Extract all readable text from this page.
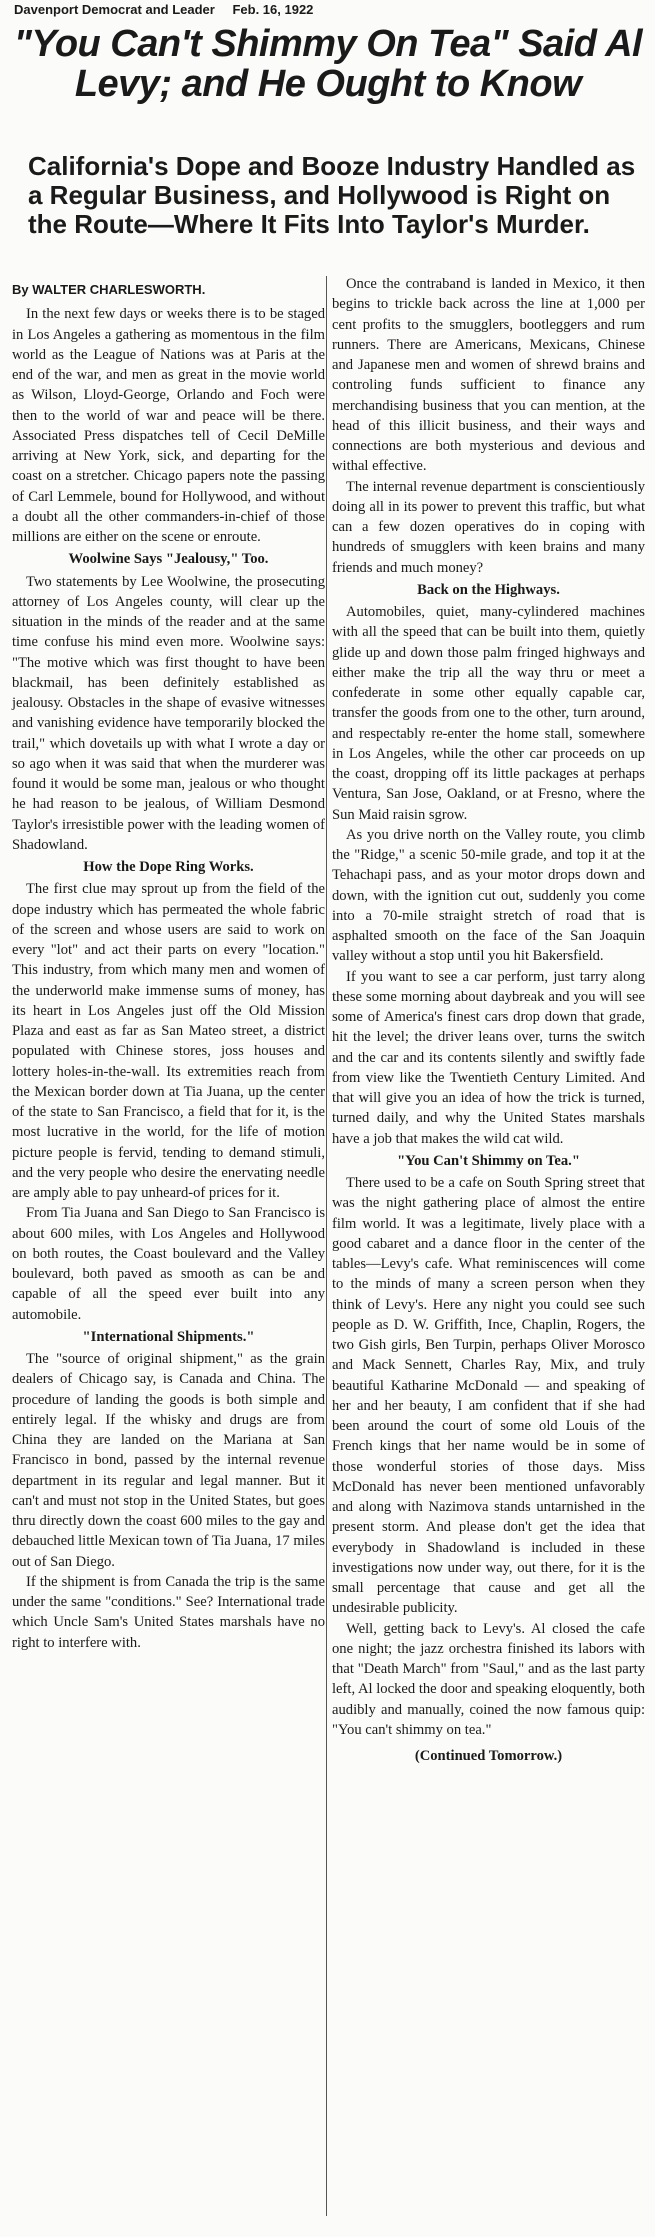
Davenport Democrat and Leader Feb. 16, 1922
"You Can't Shimmy On Tea" Said Al Levy; and He Ought to Know
California's Dope and Booze Industry Handled as a Regular Business, and Hollywood is Right on the Route—Where It Fits Into Taylor's Murder.
By WALTER CHARLESWORTH.

In the next few days or weeks there is to be staged in Los Angeles a gathering as momentous in the film world as the League of Nations was at Paris at the end of the war, and men as great in the movie world as Wilson, Lloyd-George, Orlando and Foch were then to the world of war and peace will be there. Associated Press dispatches tell of Cecil DeMille arriving at New York, sick, and departing for the coast on a stretcher. Chicago papers note the passing of Carl Lemmele, bound for Hollywood, and without a doubt all the other commanders-in-chief of those millions are either on the scene or enroute.

Woolwine Says "Jealousy," Too.

Two statements by Lee Woolwine, the prosecuting attorney of Los Angeles county, will clear up the situation in the minds of the reader and at the same time confuse his mind even more. Woolwine says: "The motive which was first thought to have been blackmail, has been definitely established as jealousy. Obstacles in the shape of evasive witnesses and vanishing evidence have temporarily blocked the trail," which dovetails up with what I wrote a day or so ago when it was said that when the murderer was found it would be some man, jealous or who thought he had reason to be jealous, of William Desmond Taylor's irresistible power with the leading women of Shadowland.

How the Dope Ring Works.

The first clue may sprout up from the field of the dope industry which has permeated the whole fabric of the screen and whose users are said to work on every "lot" and act their parts on every "location." This industry, from which many men and women of the underworld make immense sums of money, has its heart in Los Angeles just off the Old Mission Plaza and east as far as San Mateo street, a district populated with Chinese stores, joss houses and lottery holes-in-the-wall. Its extremities reach from the Mexican border down at Tia Juana, up the center of the state to San Francisco, a field that for it, is the most lucrative in the world, for the life of motion picture people is fervid, tending to demand stimuli, and the very people who desire the enervating needle are amply able to pay unheard-of prices for it.

From Tia Juana and San Diego to San Francisco is about 600 miles, with Los Angeles and Hollywood on both routes, the Coast boulevard and the Valley boulevard, both paved as smooth as can be and capable of all the speed ever built into any automobile.

"International Shipments."

The "source of original shipment," as the grain dealers of Chicago say, is Canada and China. The procedure of landing the goods is both simple and entirely legal. If the whisky and drugs are from China they are landed on the Mariana at San Francisco in bond, passed by the internal revenue department in its regular and legal manner. But it can't and must not stop in the United States, but goes thru directly down the coast 600 miles to the gay and debauched little Mexican town of Tia Juana, 17 miles out of San Diego.

If the shipment is from Canada the trip is the same under the same "conditions." See? International trade which Uncle Sam's United States marshals have no right to interfere with.

Once the contraband is landed in Mexico, it then begins to trickle back across the line at 1,000 per cent profits to the smugglers, bootleggers and rum runners. There are Americans, Mexicans, Chinese and Japanese men and women of shrewd brains and controling funds sufficient to finance any merchandising business that you can mention, at the head of this illicit business, and their ways and connections are both mysterious and devious and withal effective.

The internal revenue department is conscientiously doing all in its power to prevent this traffic, but what can a few dozen operatives do in coping with hundreds of smugglers with keen brains and many friends and much money?

Back on the Highways.

Automobiles, quiet, many-cylindered machines with all the speed that can be built into them, quietly glide up and down those palm fringed highways and either make the trip all the way thru or meet a confederate in some other equally capable car, transfer the goods from one to the other, turn around, and respectably re-enter the home stall, somewhere in Los Angeles, while the other car proceeds on up the coast, dropping off its little packages at perhaps Ventura, San Jose, Oakland, or at Fresno, where the Sun Maid raisin sgrow.

As you drive north on the Valley route, you climb the "Ridge," a scenic 50-mile grade, and top it at the Tehachapi pass, and as your motor drops down and down, with the ignition cut out, suddenly you come into a 70-mile straight stretch of road that is asphalted smooth on the face of the San Joaquin valley without a stop until you hit Bakersfield.

If you want to see a car perform, just tarry along these some morning about daybreak and you will see some of America's finest cars drop down that grade, hit the level; the driver leans over, turns the switch and the car and its contents silently and swiftly fade from view like the Twentieth Century Limited. And that will give you an idea of how the trick is turned, turned daily, and why the United States marshals have a job that makes the wild cat wild.

"You Can't Shimmy on Tea."

There used to be a cafe on South Spring street that was the night gathering place of almost the entire film world. It was a legitimate, lively place with a good cabaret and a dance floor in the center of the tables—Levy's cafe. What reminiscences will come to the minds of many a screen person when they think of Levy's. Here any night you could see such people as D. W. Griffith, Ince, Chaplin, Rogers, the two Gish girls, Ben Turpin, perhaps Oliver Morosco and Mack Sennett, Charles Ray, Mix, and truly beautiful Katharine McDonald — and speaking of her and her beauty, I am confident that if she had been around the court of some old Louis of the French kings that her name would be in some of those wonderful stories of those days. Miss McDonald has never been mentioned unfavorably and along with Nazimova stands untarnished in the present storm. And please don't get the idea that everybody in Shadowland is included in these investigations now under way, out there, for it is the small percentage that cause and get all the undesirable publicity.

Well, getting back to Levy's. Al closed the cafe one night; the jazz orchestra finished its labors with that "Death March" from "Saul," and as the last party left, Al locked the door and speaking eloquently, both audibly and manually, coined the now famous quip: "You can't shimmy on tea."

(Continued Tomorrow.)
